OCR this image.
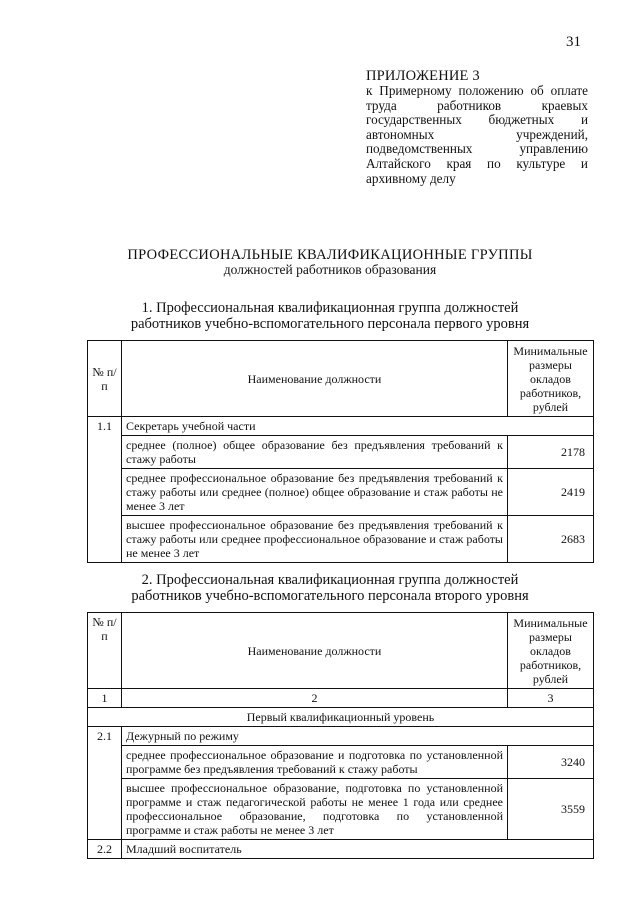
31
ПРИЛОЖЕНИЕ 3
к Примерному положению об оплате труда работников краевых государственных бюджетных и автономных учреждений, подведомственных управлению Алтайского края по культуре и архивному делу
ПРОФЕССИОНАЛЬНЫЕ КВАЛИФИКАЦИОННЫЕ ГРУППЫ
должностей работников образования
1. Профессиональная квалификационная группа должностей
работников учебно-вспомогательного персонала первого уровня
№ п/п	Наименование должности	Минимальные размеры окладов работников, рублей
1.1	Секретарь учебной части	
	среднее (полное) общее образование без предъявления требований к стажу работы	2178
	среднее профессиональное образование без предъявления требований к стажу работы или среднее (полное) общее образование и стаж работы не менее 3 лет	2419
	высшее профессиональное образование без предъявления требований к стажу работы или среднее профессиональное образование и стаж работы не менее 3 лет	2683
2. Профессиональная квалификационная группа должностей
работников учебно-вспомогательного персонала второго уровня
№ п/п	Наименование должности	Минимальные размеры окладов работников, рублей
1	2	3
Первый квалификационный уровень		
2.1	Дежурный по режиму	
	среднее профессиональное образование и подготовка по установленной программе без предъявления требований к стажу работы	3240
	высшее профессиональное образование, подготовка по установленной программе и стаж педагогической работы не менее 1 года или среднее профессиональное образование, подготовка по установленной программе и стаж работы не менее 3 лет	3559
2.2	Младший воспитатель	
